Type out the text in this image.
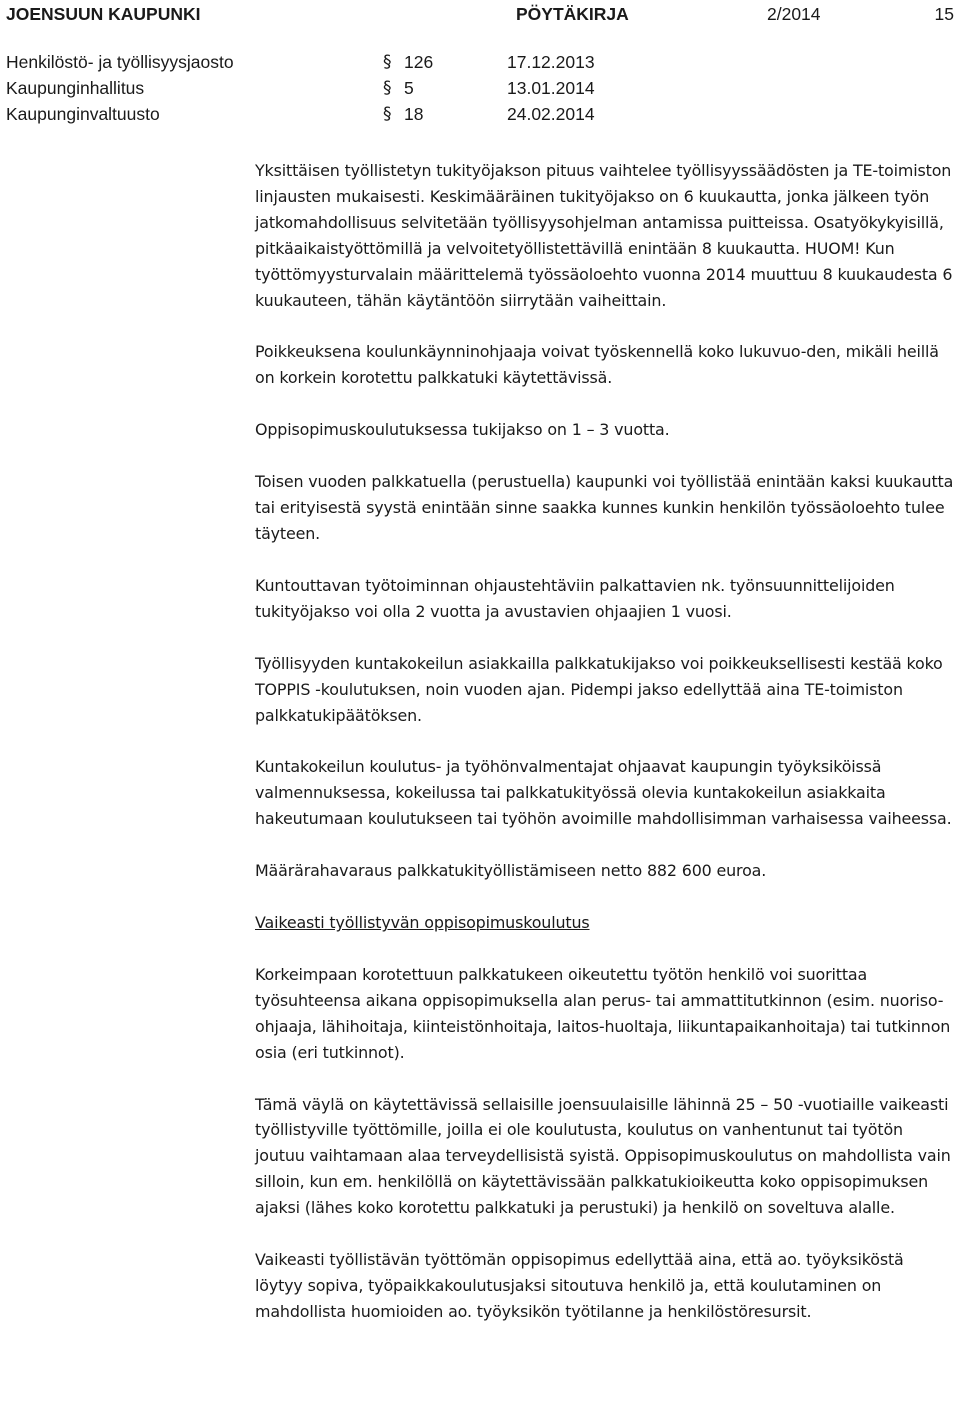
JOENSUUN KAUPUNKI	PÖYTÄKIRJA	2/2014	15
Henkilöstö- ja työllisyysjaosto	§ 126	17.12.2013
Kaupunginhallitus	§ 5	13.01.2014
Kaupunginvaltuusto	§ 18	24.02.2014

Yksittäisen työllistetyn tukityöjakson pituus vaihtelee työllisyyssäädösten ja TE-toimiston linjausten mukaisesti. Keskimääräinen tukityöjakso on 6 kuukautta, jonka jälkeen työn jatkomahdollisuus selvitetään työllisyysohjelman antamissa puitteissa. Osatyökykyisillä, pitkäaikaistyöttömillä ja velvoitetyöllistettävillä enintään 8 kuukautta. HUOM! Kun työttömyysturvalain määrittelemä työssäoloehto vuonna 2014 muuttuu 8 kuukaudesta 6 kuukauteen, tähän käytäntöön siirrytään vaiheittain.

Poikkeuksena koulunkäynninohjaaja voivat työskennellä koko lukuvuo-den, mikäli heillä on korkein korotettu palkkatuki käytettävissä.

Oppisopimuskoulutuksessa tukijakso on 1 – 3 vuotta.

Toisen vuoden palkkatuella (perustuella) kaupunki voi työllistää enintään kaksi kuukautta tai erityisestä syystä enintään sinne saakka kunnes kunkin henkilön työssäoloehto tulee täyteen.

Kuntouttavan työtoiminnan ohjaustehtäviin palkattavien nk. työnsuunnittelijoiden tukityöjakso voi olla 2 vuotta ja avustavien ohjaajien 1 vuosi.

Työllisyyden kuntakokeilun asiakkailla palkkatukijakso voi poikkeuksellisesti kestää koko TOPPIS -koulutuksen, noin vuoden ajan. Pidempi jakso edellyttää aina TE-toimiston palkkatukipäätöksen.

Kuntakokeilun koulutus- ja työhönvalmentajat ohjaavat kaupungin työyksiköissä valmennuksessa, kokeilussa tai palkkatukityössä olevia kuntakokeilun asiakkaita hakeutumaan koulutukseen tai työhön avoimille mahdollisimman varhaisessa vaiheessa.

Määrärahavaraus palkkatukityöllistämiseen netto 882 600 euroa.

Vaikeasti työllistyvän oppisopimuskoulutus

Korkeimpaan korotettuun palkkatukeen oikeutettu työtön henkilö voi suorittaa työsuhteensa aikana oppisopimuksella alan perus- tai ammattitutkinnon (esim. nuoriso-ohjaaja, lähihoitaja, kiinteistönhoitaja, laitos-huoltaja, liikuntapaikanhoitaja) tai tutkinnon osia (eri tutkinnot).

Tämä väylä on käytettävissä sellaisille joensuulaisille lähinnä 25 – 50 -vuotiaille vaikeasti työllistyville työttömille, joilla ei ole koulutusta, koulutus on vanhentunut tai työtön joutuu vaihtamaan alaa terveydellisistä syistä. Oppisopimuskoulutus on mahdollista vain silloin, kun em. henkilöllä on käytettävissään palkkatukioikeutta koko oppisopimuksen ajaksi (lähes koko korotettu palkkatuki ja perustuki) ja henkilö on soveltuva alalle.

Vaikeasti työllistävän työttömän oppisopimus edellyttää aina, että ao. työyksiköstä löytyy sopiva, työpaikkakoulutusjaksi sitoutuva henkilö ja, että koulutaminen on mahdollista huomioiden ao. työyksikön työtilanne ja henkilöstöresursit.
